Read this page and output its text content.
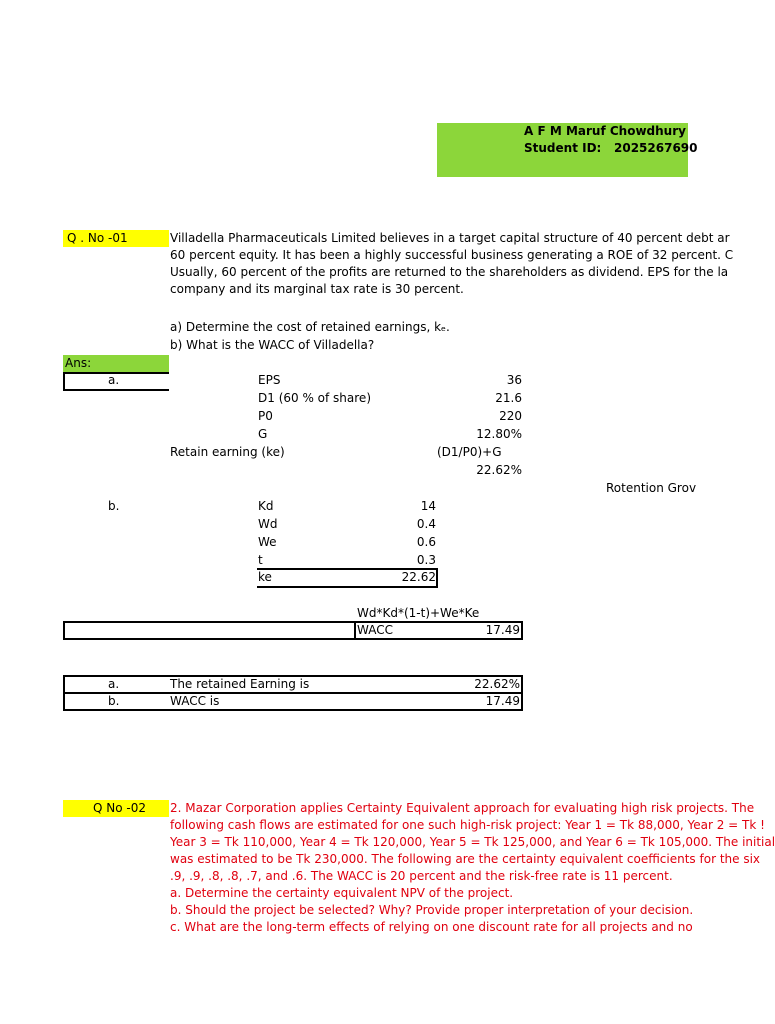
A F M Maruf Chowdhury
Student ID: 2025267690
Q . No -01	Villadella Pharmaceuticals Limited believes in a target capital structure of 40 percent debt ar
60 percent equity. It has been a highly successful business generating a ROE of 32 percent. C
Usually, 60 percent of the profits are returned to the shareholders as dividend. EPS for the la
company and its marginal tax rate is 30 percent.
a) Determine the cost of retained earnings, kₑ.
b) What is the WACC of Villadella?
Ans:
a.	EPS	36
D1 (60 % of share)	21.6
P0	220
G	12.80%
Retain earning (ke)	(D1/P0)+G
22.62%
Rotention Grov
b.	Kd	14
Wd	0.4
We	0.6
t	0.3
ke	22.62
Wd*Kd*(1-t)+We*Ke
WACC	17.49
a.	The retained Earning is	22.62%
b.	WACC is	17.49
Q No -02	2. Mazar Corporation applies Certainty Equivalent approach for evaluating high risk projects. The
following cash flows are estimated for one such high-risk project: Year 1 = Tk 88,000, Year 2 = Tk !
Year 3 = Tk 110,000, Year 4 = Tk 120,000, Year 5 = Tk 125,000, and Year 6 = Tk 105,000. The initial
was estimated to be Tk 230,000. The following are the certainty equivalent coefficients for the six
.9, .9, .8, .8, .7, and .6. The WACC is 20 percent and the risk-free rate is 11 percent.
a. Determine the certainty equivalent NPV of the project.
b. Should the project be selected? Why? Provide proper interpretation of your decision.
c. What are the long-term effects of relying on one discount rate for all projects and no
